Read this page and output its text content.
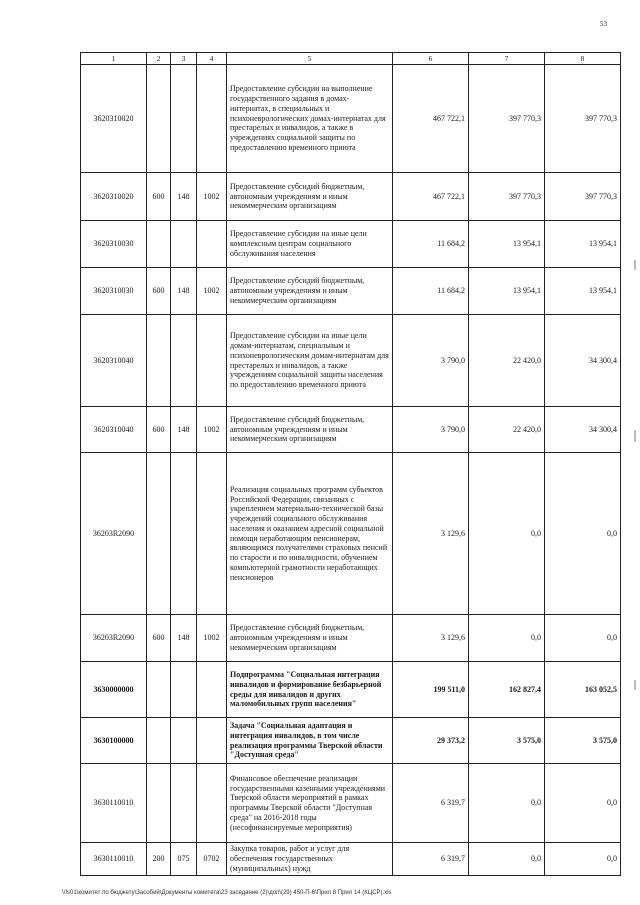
53
1	2	3	4	5	6	7	8
3620310020				Предоставление субсидии на выполнение государственного задания в домах-интернатах, в специальных и психоневрологических домах-интернатах для престарелых и инвалидов, а также в учреждениях социальной защиты по предоставлению временного приюта	467 722,1	397 770,3	397 770,3
3620310020	600	148	1002	Предоставление субсидий бюджетным, автономным учреждениям и иным некоммерческим организациям	467 722,1	397 770,3	397 770,3
3620310030				Предоставление субсидии на иные цели комплексным центрам социального обслуживания населения	11 684,2	13 954,1	13 954,1
3620310030	600	148	1002	Предоставление субсидий бюджетным, автономным учреждениям и иным некоммерческим организациям	11 684,2	13 954,1	13 954,1
3620310040				Предоставление субсидии на иные цели домам-интернатам, специальным и психоневрологическим домам-интернатам для престарелых и инвалидов, а также учреждениям социальной защиты населения по предоставлению временного приюта	3 790,0	22 420,0	34 300,4
3620310040	600	148	1002	Предоставление субсидий бюджетным, автономным учреждениям и иным некоммерческим организациям	3 790,0	22 420,0	34 300,4
36203R2090				Реализация социальных программ субъектов Российской Федерации, связанных с укреплением материально-технической базы учреждений социального обслуживания населения и оказанием адресной социальной помощи неработающим пенсионерам, являющимся получателями страховых пенсий по старости и по инвалидности, обучением компьютерной грамотности неработающих пенсионеров	3 129,6	0,0	0,0
36203R2090	600	148	1002	Предоставление субсидий бюджетным, автономным учреждениям и иным некоммерческим организациям	3 129,6	0,0	0,0
3630000000				Подпрограмма "Социальная интеграция инвалидов и формирование безбарьерной среды для инвалидов и других маломобильных групп населения"	199 511,0	162 827,4	163 052,5
3630100000				Задача "Социальная адаптация и интеграция инвалидов, в том числе реализация программы Тверской области "Доступная среда"	29 373,2	3 575,0	3 575,0
3630110010				Финансовое обеспечение реализации государственными казенными учреждениями Тверской области мероприятий в рамках программы Тверской области "Доступная среда" на 2016-2018 годы (несофинансируемые мероприятия)	6 319,7	0,0	0,0
3630110010	200	075	0702	Закупка товаров, работ и услуг для обеспечения государственных (муниципальных) нужд	6 319,7	0,0	0,0
\\fs01\комитет по бюджету\Засобий\Документы комитета\23 заседание (2)\доп\(29) 450-П-6\Прил 8 Прил 14 (КЦСР).xls
